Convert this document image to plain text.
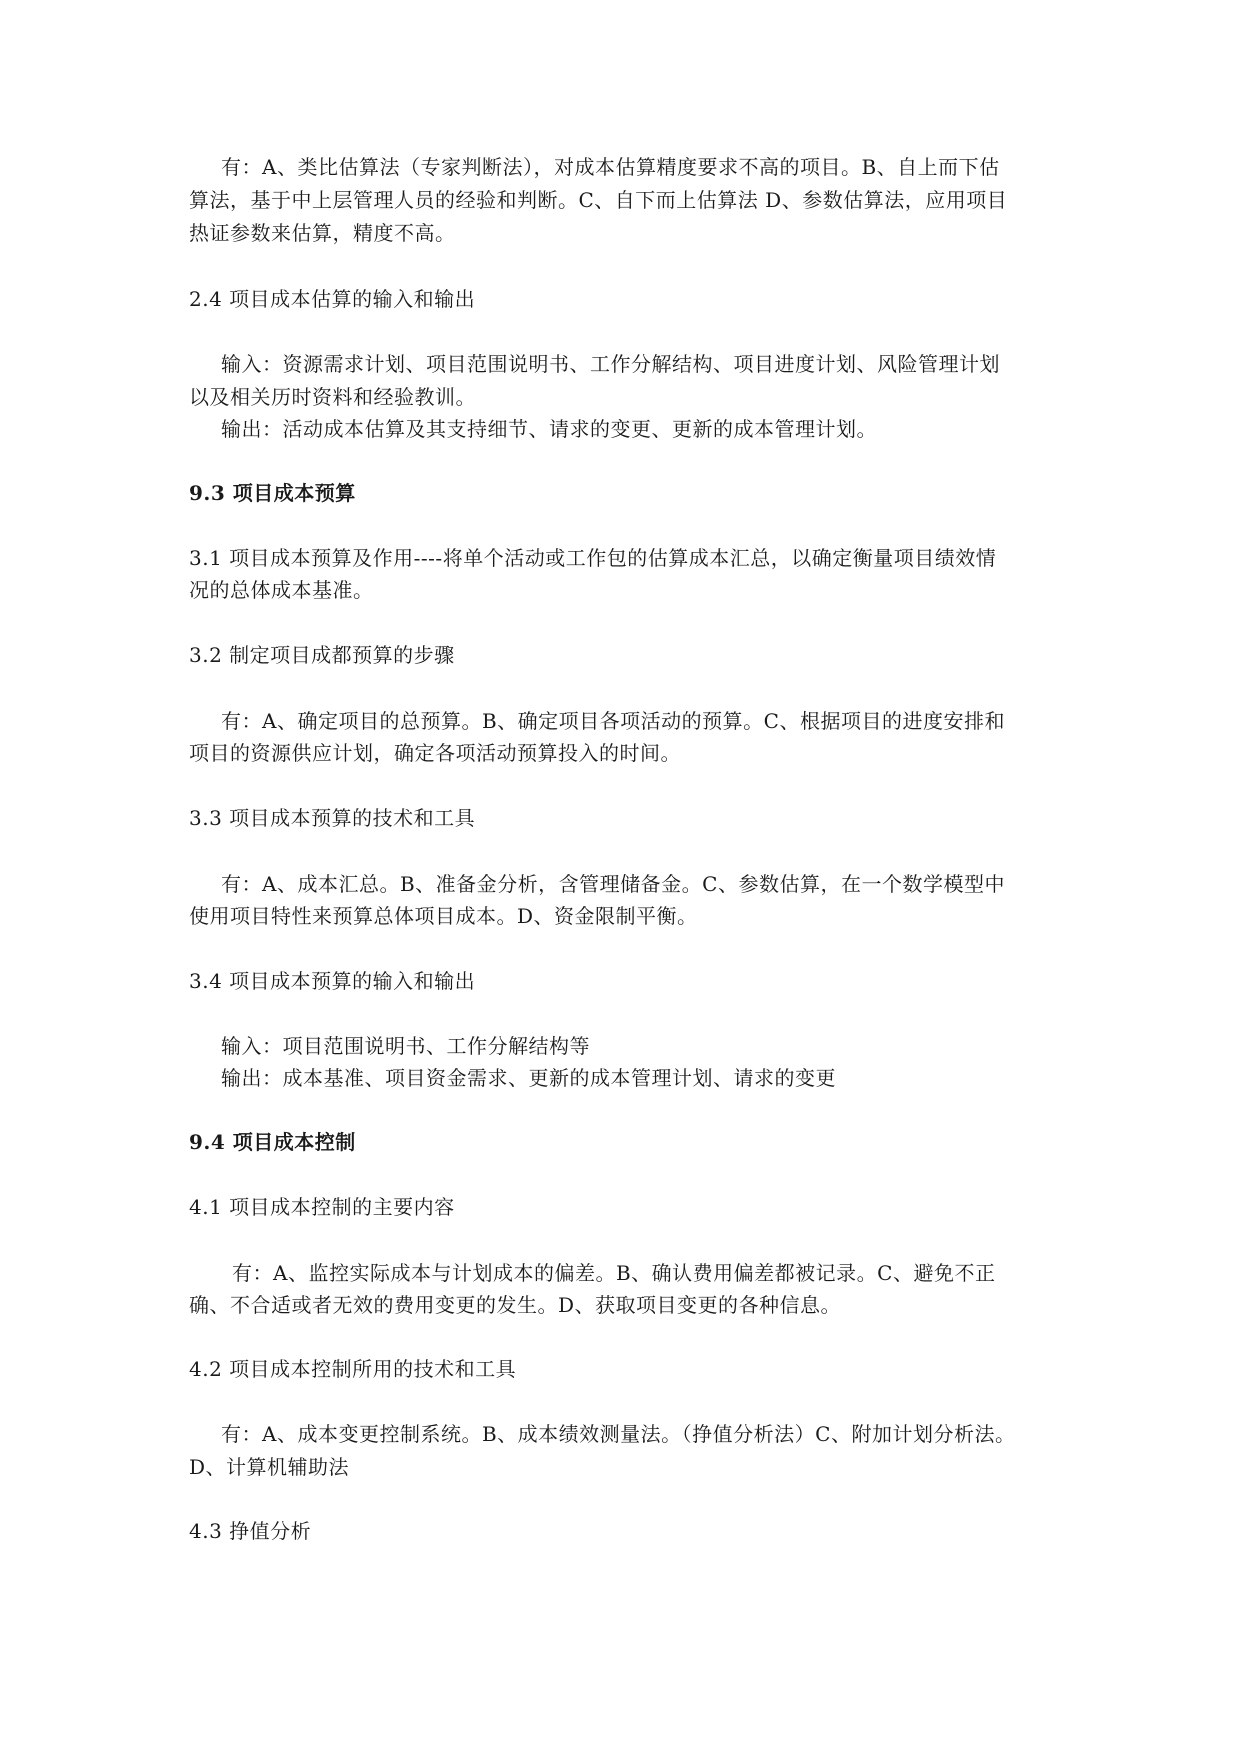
有：A、类比估算法（专家判断法），对成本估算精度要求不高的项目。B、自上而下估
算法，基于中上层管理人员的经验和判断。C、自下而上估算法 D、参数估算法，应用项目
热证参数来估算，精度不高。
2.4 项目成本估算的输入和输出
输入：资源需求计划、项目范围说明书、工作分解结构、项目进度计划、风险管理计划
以及相关历时资料和经验教训。
输出：活动成本估算及其支持细节、请求的变更、更新的成本管理计划。
9.3 项目成本预算
3.1 项目成本预算及作用----将单个活动或工作包的估算成本汇总，以确定衡量项目绩效情
况的总体成本基准。
3.2 制定项目成都预算的步骤
有：A、确定项目的总预算。B、确定项目各项活动的预算。C、根据项目的进度安排和
项目的资源供应计划，确定各项活动预算投入的时间。
3.3 项目成本预算的技术和工具
有：A、成本汇总。B、准备金分析，含管理储备金。C、参数估算，在一个数学模型中
使用项目特性来预算总体项目成本。D、资金限制平衡。
3.4 项目成本预算的输入和输出
输入：项目范围说明书、工作分解结构等
输出：成本基准、项目资金需求、更新的成本管理计划、请求的变更
9.4 项目成本控制
4.1 项目成本控制的主要内容
有：A、监控实际成本与计划成本的偏差。B、确认费用偏差都被记录。C、避免不正
确、不合适或者无效的费用变更的发生。D、获取项目变更的各种信息。
4.2 项目成本控制所用的技术和工具
有：A、成本变更控制系统。B、成本绩效测量法。（挣值分析法）C、附加计划分析法。
D、计算机辅助法
4.3 挣值分析
